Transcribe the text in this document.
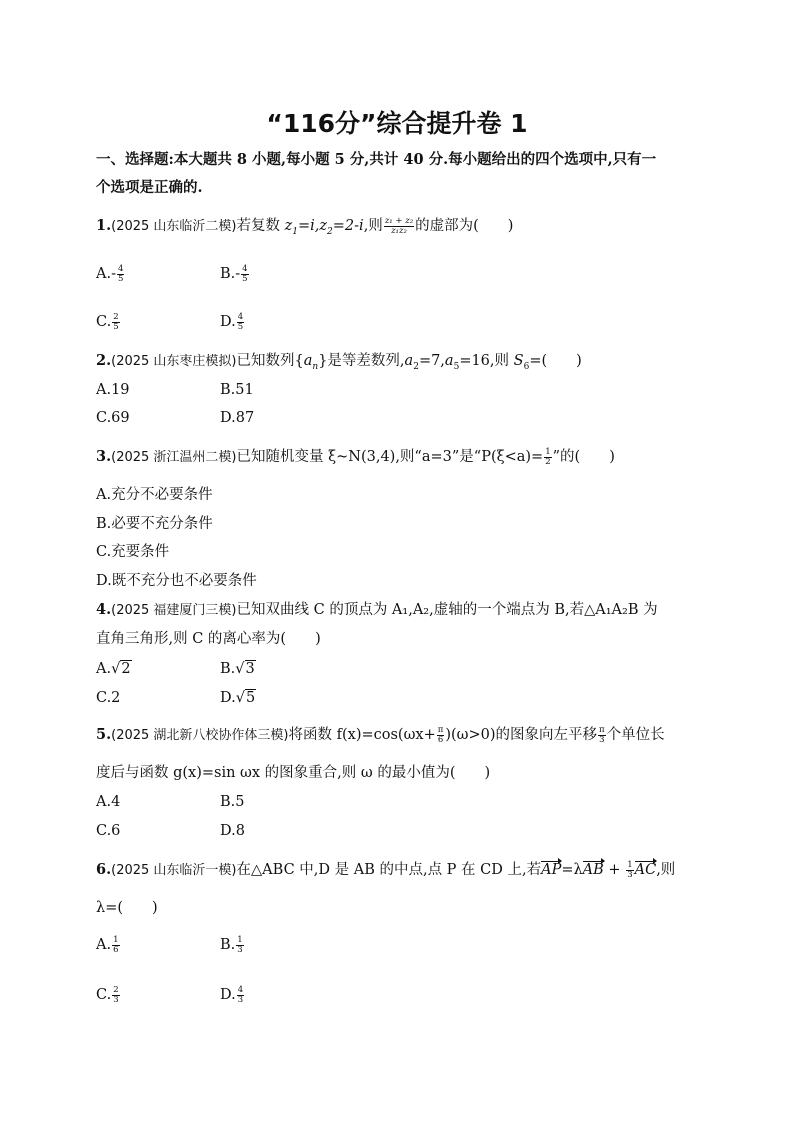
“116分”综合提升卷 1
一、选择题:本大题共 8 小题,每小题 5 分,共计 40 分.每小题给出的四个选项中,只有一
个选项是正确的.
1.(2025 山东临沂二模)若复数 $z_1=i,z_2=2-i$,则 $\frac{\text{z₁ + z₂}}{\text{z₁z₂}}$ 的虚部为(　　)
$A.- \frac{4}{5}$	$B.- \frac{4}{5}$
C. $\frac{2}{5}$	D. $\frac{4}{5}$
2.(2025 山东枣庄模拟)已知数列$\{a_n\}$是等差数列$,a_2=7,a_5=16$,则 $S_6=$(　　)
A.19	B.51
C.69	D.87
3.(2025 浙江温州二模)已知随机变量 ξ~N(3,4),则“a=3”是“$P(\xi<a)= \frac{1}{2}$ ”的(　　)
A.充分不必要条件
B.必要不充分条件
C.充要条件
D.既不充分也不必要条件
4.(2025 福建厦门三模)已知双曲线 C 的顶点为 A₁,A₂,虚轴的一个端点为 B,若△A₁A₂B 为
直角三角形,则 C 的离心率为(　　)
A.√2	B.√3
C.2	D.√5
5.(2025 湖北新八校协作体三模)将函数 $f(x)=\cos(\omega x+ \frac{\pi}{6} )(\omega>0)$的图象向左平移 $\frac{\pi}{3}$ 个单位长
度后与函数 g(x)=sin ωx 的图象重合,则 ω 的最小值为(　　)
A.4	B.5
C.6	D.8
6.(2025 山东临沂一模)在△ABC 中,D 是 AB 的中点,点 P 在 CD 上,若$AP=\lambda AB + \frac{1}{3}$ AC,则
λ=(　　)
A. $\frac{1}{6}$	B. $\frac{1}{3}$
C. $\frac{2}{3}$	D. $\frac{4}{3}$
